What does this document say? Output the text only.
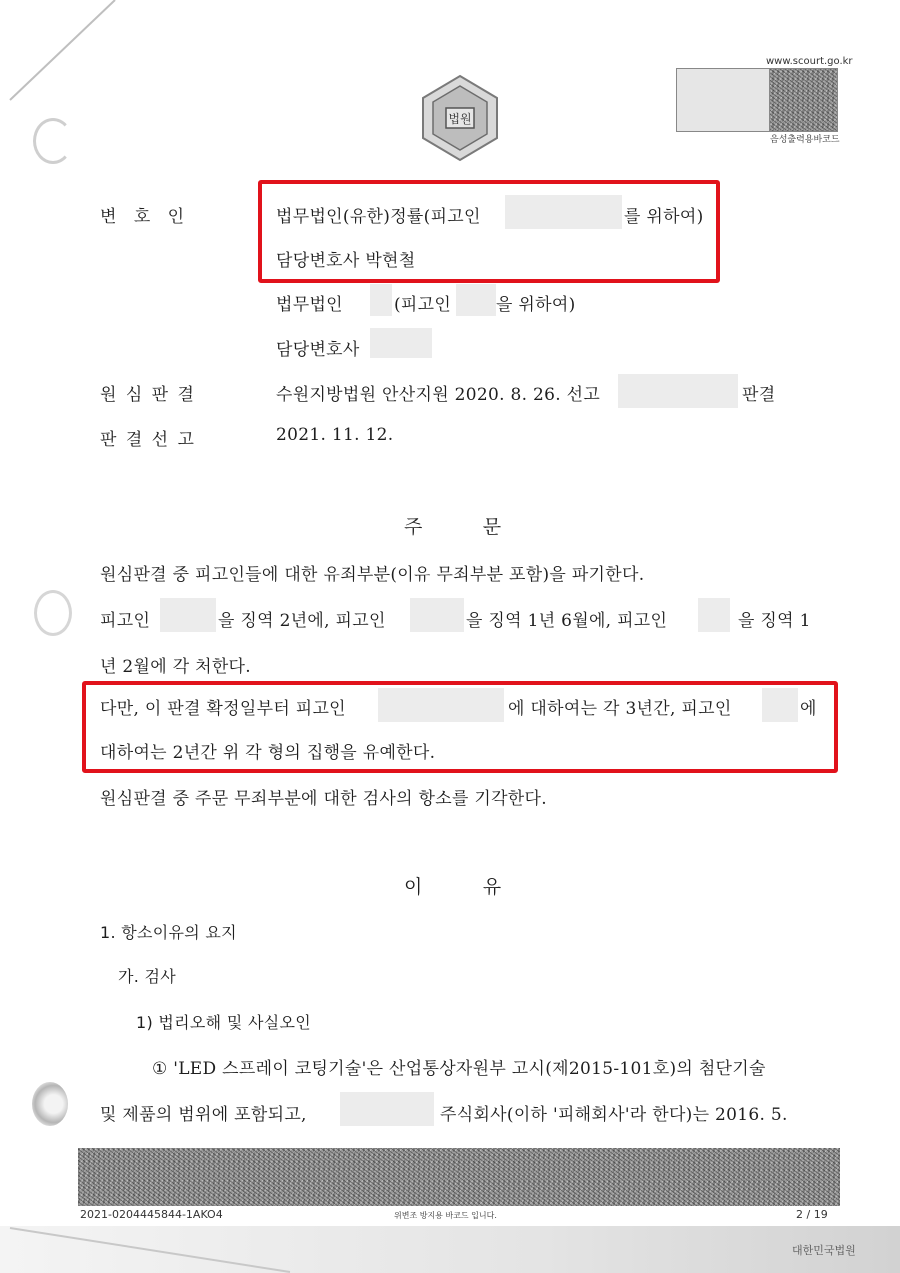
법원
www.scourt.go.kr
음성출력용바코드
변 호 인	법무법인(유한)정률(피고인	를 위하여)
담당변호사 박현철
법무법인	(피고인	을 위하여)
담당변호사
원 심 판 결	수원지방법원 안산지원 2020. 8. 26. 선고	판결
판 결 선 고	2021. 11. 12.
주          문
원심판결 중 피고인들에 대한 유죄부분(이유 무죄부분 포함)을 파기한다.
피고인	을 징역 2년에, 피고인	을 징역 1년 6월에, 피고인	을 징역 1
년 2월에 각 처한다.
다만, 이 판결 확정일부터 피고인	에 대하여는 각 3년간, 피고인	에
대하여는 2년간 위 각 형의 집행을 유예한다.
원심판결 중 주문 무죄부분에 대한 검사의 항소를 기각한다.
이          유
1. 항소이유의 요지
가. 검사
1) 법리오해 및 사실오인
① 'LED 스프레이 코팅기술'은 산업통상자원부 고시(제2015-101호)의 첨단기술
및 제품의 범위에 포함되고,	주식회사(이하 '피해회사'라 한다)는 2016. 5.
2021-0204445844-1AKO4	위변조 방지용 바코드 입니다.	2 / 19
대한민국법원
